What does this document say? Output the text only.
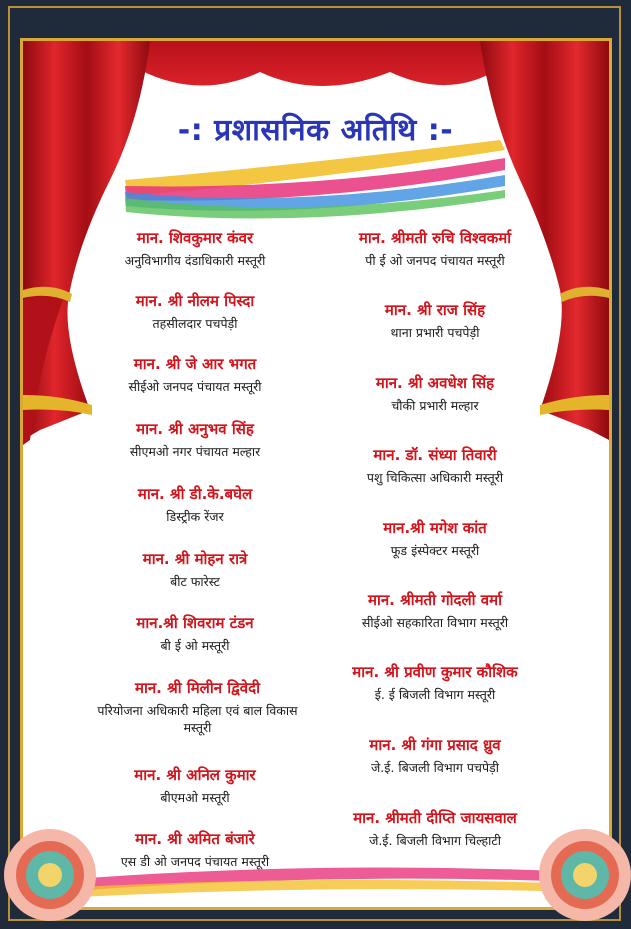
-: प्रशासनिक अतिथि :-
मान. शिवकुमार कंवर
अनुविभागीय दंडाधिकारी मस्तूरी
मान. श्री नीलम पिस्दा
तहसीलदार पचपेड़ी
मान. श्री जे आर भगत
सीईओ जनपद पंचायत मस्तूरी
मान. श्री अनुभव सिंह
सीएमओ नगर पंचायत मल्हार
मान. श्री डी.के.बघेल
डिस्ट्रीक रेंजर
मान. श्री मोहन रात्रे
बीट फारेस्ट
मान.श्री शिवराम टंडन
बी ई ओ मस्तूरी
मान. श्री मिलीन द्विवेदी
परियोजना अधिकारी महिला एवं बाल विकास मस्तूरी
मान. श्री अनिल कुमार
बीएमओ मस्तूरी
मान. श्री अमित बंजारे
एस डी ओ जनपद पंचायत मस्तूरी
मान. श्रीमती रुचि विश्वकर्मा
पी ई ओ जनपद पंचायत मस्तूरी
मान. श्री राज सिंह
थाना प्रभारी पचपेड़ी
मान. श्री अवधेश सिंह
चौकी प्रभारी मल्हार
मान. डॉ. संध्या तिवारी
पशु चिकित्सा अधिकारी मस्तूरी
मान.श्री मगेश कांत
फूड इंस्पेक्टर मस्तूरी
मान. श्रीमती गोदली वर्मा
सीईओ सहकारिता विभाग मस्तूरी
मान. श्री प्रवीण कुमार कौशिक
ई. ई बिजली विभाग मस्तूरी
मान. श्री गंगा प्रसाद ध्रुव
जे.ई. बिजली विभाग पचपेड़ी
मान. श्रीमती दीप्ति जायसवाल
जे.ई. बिजली विभाग चिल्हाटी
